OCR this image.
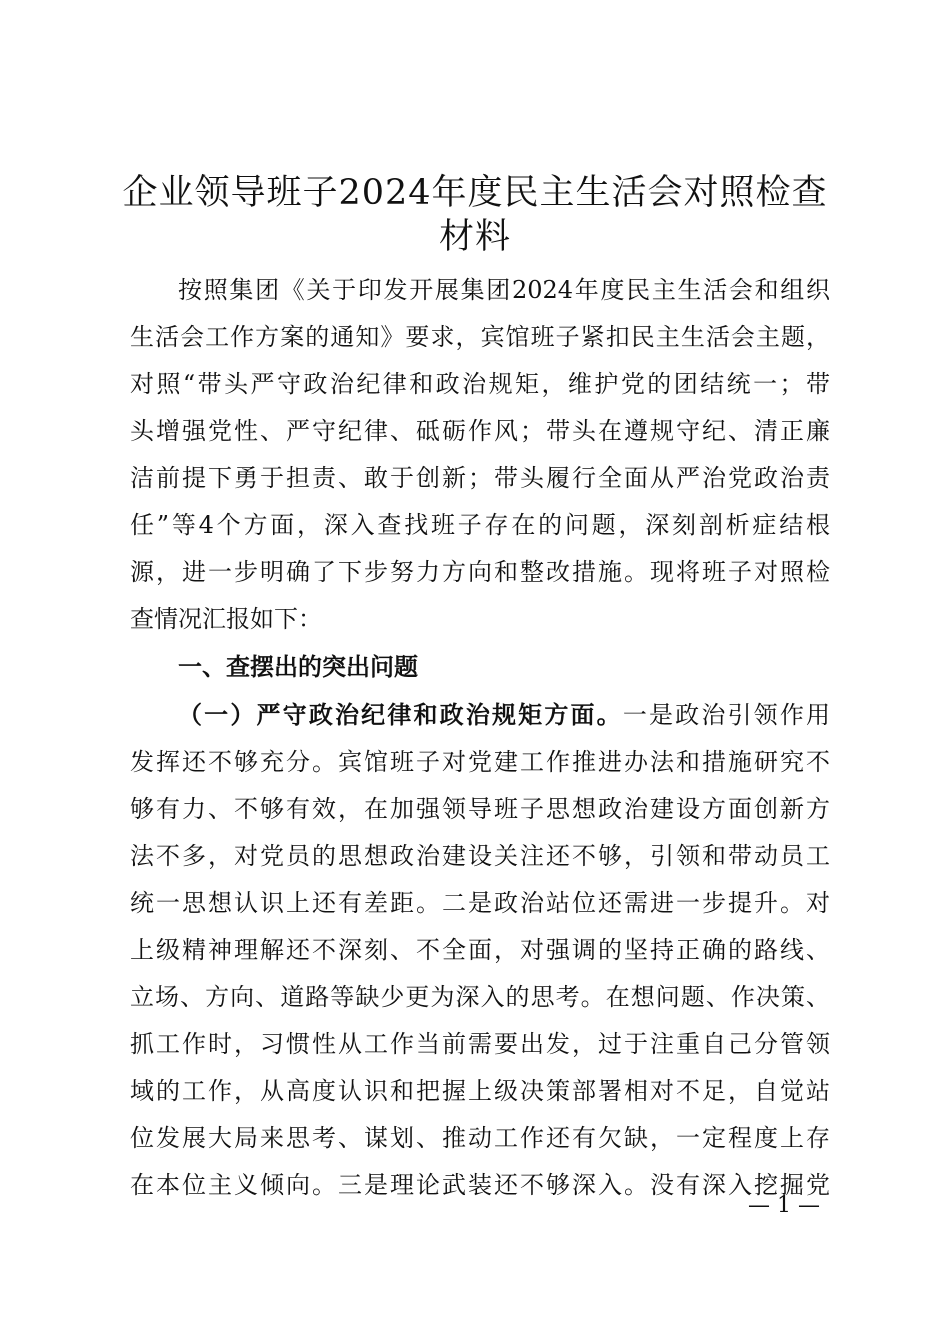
企业领导班子2024年度民主生活会对照检查
材料
按照集团《关于印发开展集团2024年度民主生活会和组织
生活会工作方案的通知》要求，宾馆班子紧扣民主生活会主题，
对照“带头严守政治纪律和政治规矩，维护党的团结统一；带
头增强党性、严守纪律、砥砺作风；带头在遵规守纪、清正廉
洁前提下勇于担责、敢于创新；带头履行全面从严治党政治责
任”等4个方面，深入查找班子存在的问题，深刻剖析症结根
源，进一步明确了下步努力方向和整改措施。现将班子对照检
查情况汇报如下：
一、查摆出的突出问题
（一）严守政治纪律和政治规矩方面。一是政治引领作用
发挥还不够充分。宾馆班子对党建工作推进办法和措施研究不
够有力、不够有效，在加强领导班子思想政治建设方面创新方
法不多，对党员的思想政治建设关注还不够，引领和带动员工
统一思想认识上还有差距。二是政治站位还需进一步提升。对
上级精神理解还不深刻、不全面，对强调的坚持正确的路线、
立场、方向、道路等缺少更为深入的思考。在想问题、作决策、
抓工作时，习惯性从工作当前需要出发，过于注重自己分管领
域的工作，从高度认识和把握上级决策部署相对不足，自觉站
位发展大局来思考、谋划、推动工作还有欠缺，一定程度上存
在本位主义倾向。三是理论武装还不够深入。没有深入挖掘党
— 1 —
